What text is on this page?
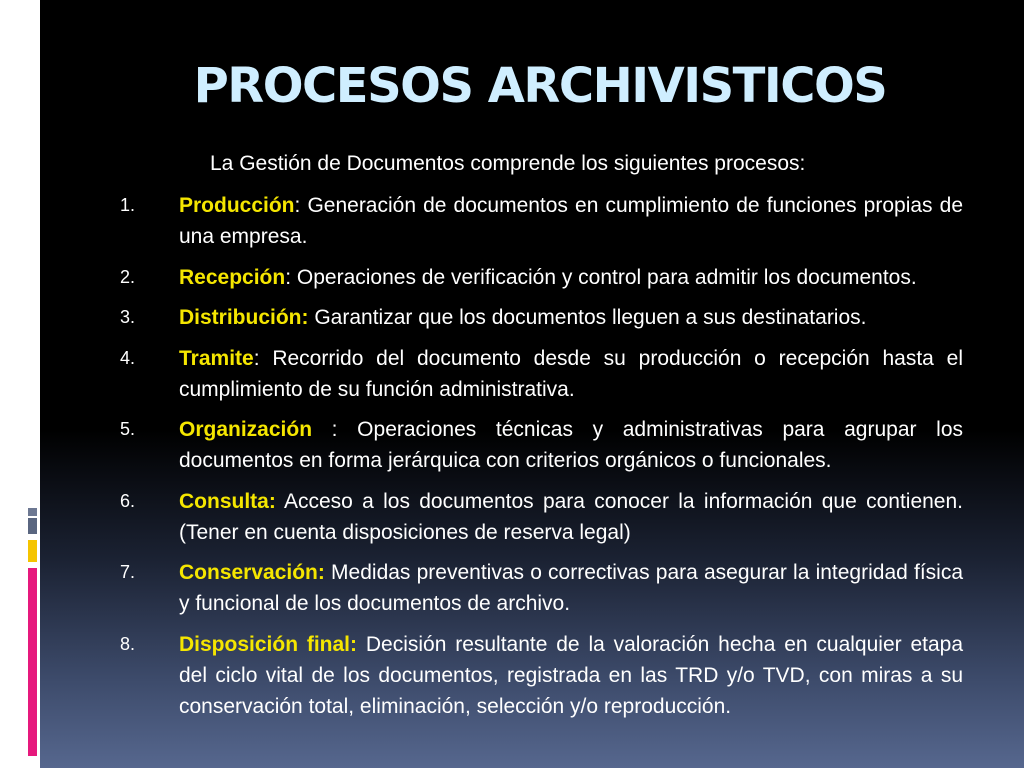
PROCESOS ARCHIVISTICOS

La Gestión de Documentos comprende los siguientes procesos:

1.	Producción: Generación de documentos en cumplimiento de funciones propias de una empresa.
2.	Recepción: Operaciones de verificación y control para admitir los documentos.
3.	Distribución: Garantizar que los documentos lleguen a sus destinatarios.
4.	Tramite: Recorrido del documento desde su producción o recepción hasta el cumplimiento de su función administrativa.
5.	Organización : Operaciones técnicas y administrativas para agrupar los documentos en forma jerárquica con criterios orgánicos o funcionales.
6.	Consulta: Acceso a los documentos para conocer la información que contienen. (Tener en cuenta disposiciones de reserva legal)
7.	Conservación: Medidas preventivas o correctivas para asegurar la integridad física y funcional de los documentos de archivo.
8.	Disposición final: Decisión resultante de la valoración hecha en cualquier etapa del ciclo vital de los documentos, registrada en las TRD y/o TVD, con miras a su conservación total, eliminación, selección y/o reproducción.
